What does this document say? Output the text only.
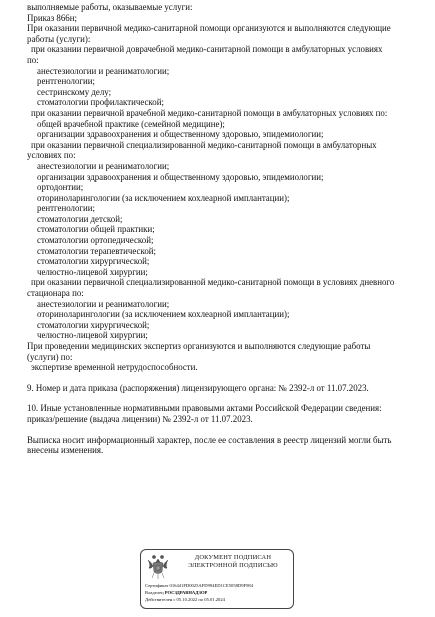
выполняемые работы, оказываемые услуги:
Приказ 866н;
При оказании первичной медико-санитарной помощи организуются и выполняются следующие
работы (услуги):
при оказании первичной доврачебной медико-санитарной помощи в амбулаторных условиях
по:
анестезиологии и реаниматологии;
рентгенологии;
сестринскому делу;
стоматологии профилактической;
при оказании первичной врачебной медико-санитарной помощи в амбулаторных условиях по:
общей врачебной практике (семейной медицине);
организации здравоохранения и общественному здоровью, эпидемиологии;
при оказании первичной специализированной медико-санитарной помощи в амбулаторных
условиях по:
анестезиологии и реаниматологии;
организации здравоохранения и общественному здоровью, эпидемиологии;
ортодонтии;
оториноларингологии (за исключением кохлеарной имплантации);
рентгенологии;
стоматологии детской;
стоматологии общей практики;
стоматологии ортопедической;
стоматологии терапевтической;
стоматологии хирургической;
челюстно-лицевой хирургии;
при оказании первичной специализированной медико-санитарной помощи в условиях дневного
стационара по:
анестезиологии и реаниматологии;
оториноларингологии (за исключением кохлеарной имплантации);
стоматологии хирургической;
челюстно-лицевой хирургии;
При проведении медицинских экспертиз организуются и выполняются следующие работы
(услуги) по:
экспертизе временной нетрудоспособности.
9. Номер и дата приказа (распоряжения) лицензирующего органа: № 2392-л от 11.07.2023.
10. Иные установленные нормативными правовыми актами Российской Федерации сведения:
приказ/решение (выдача лицензии) № 2392-л от 11.07.2023.
Выписка носит информационный характер, после ее составления в реестр лицензий могли быть
внесены изменения.
ДОКУМЕНТ ПОДПИСАН
ЭЛЕКТРОННОЙ ПОДПИСЬЮ
Сертификат 016441FD0025AFD994ED1CE5058D9F984
Владелец РОСЗДРАВНАДЗОР
Действителен с 05.10.2022 по 05.01.2024
